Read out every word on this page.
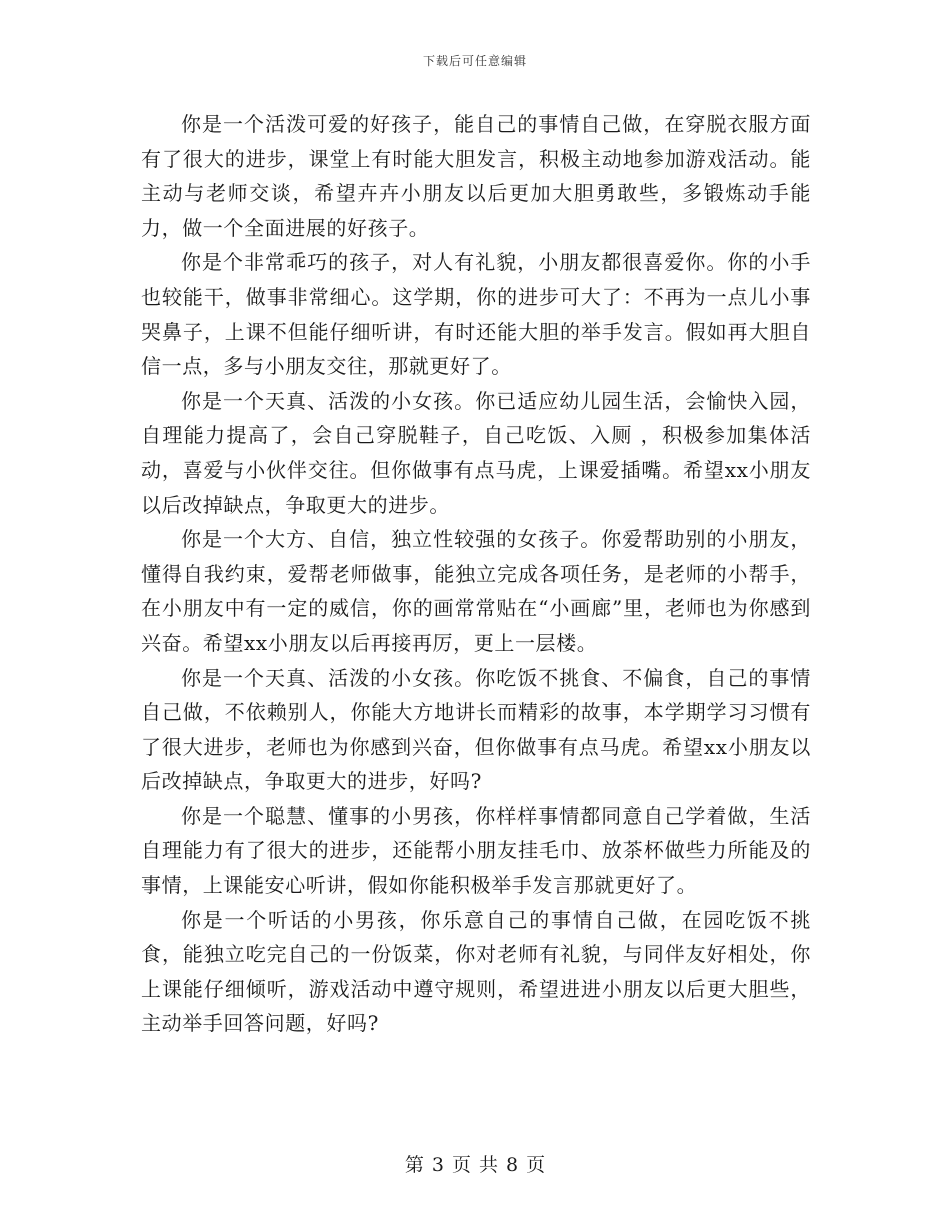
下载后可任意编辑

你是一个活泼可爱的好孩子，能自己的事情自己做，在穿脱衣服方面有了很大的进步，课堂上有时能大胆发言，积极主动地参加游戏活动。能主动与老师交谈，希望卉卉小朋友以后更加大胆勇敢些，多锻炼动手能力，做一个全面进展的好孩子。

你是个非常乖巧的孩子，对人有礼貌，小朋友都很喜爱你。你的小手也较能干，做事非常细心。这学期，你的进步可大了：不再为一点儿小事哭鼻子，上课不但能仔细听讲，有时还能大胆的举手发言。假如再大胆自信一点，多与小朋友交往，那就更好了。

你是一个天真、活泼的小女孩。你已适应幼儿园生活，会愉快入园，自理能力提高了，会自己穿脱鞋子，自己吃饭、入厕 ，积极参加集体活动，喜爱与小伙伴交往。但你做事有点马虎，上课爱插嘴。希望xx小朋友以后改掉缺点，争取更大的进步。

你是一个大方、自信，独立性较强的女孩子。你爱帮助别的小朋友，懂得自我约束，爱帮老师做事，能独立完成各项任务，是老师的小帮手，在小朋友中有一定的威信，你的画常常贴在“小画廊”里，老师也为你感到兴奋。希望xx小朋友以后再接再厉，更上一层楼。

你是一个天真、活泼的小女孩。你吃饭不挑食、不偏食，自己的事情自己做，不依赖别人，你能大方地讲长而精彩的故事，本学期学习习惯有了很大进步，老师也为你感到兴奋，但你做事有点马虎。希望xx小朋友以后改掉缺点，争取更大的进步，好吗?

你是一个聪慧、懂事的小男孩，你样样事情都同意自己学着做，生活自理能力有了很大的进步，还能帮小朋友挂毛巾、放茶杯做些力所能及的事情，上课能安心听讲，假如你能积极举手发言那就更好了。

你是一个听话的小男孩，你乐意自己的事情自己做，在园吃饭不挑食，能独立吃完自己的一份饭菜，你对老师有礼貌，与同伴友好相处，你上课能仔细倾听，游戏活动中遵守规则，希望进进小朋友以后更大胆些，主动举手回答问题，好吗?

第 3 页 共 8 页
